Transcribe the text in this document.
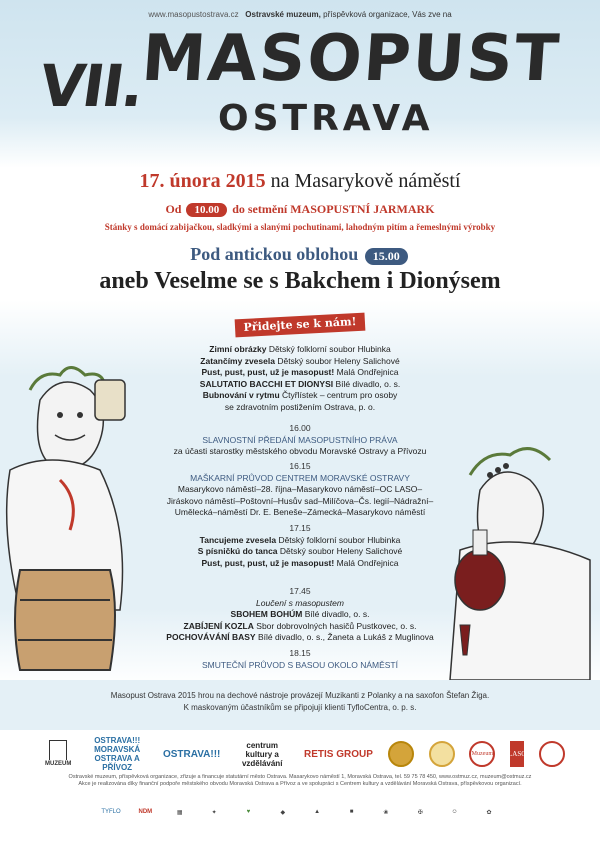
www.masopustostrava.cz Ostravské muzeum, příspěvková organizace, Vás zve na
VII.
MASOPUST
OSTRAVA
17. února 2015 na Masarykově náměstí
Od 10.00 do setmění MASOPUSTNÍ JARMARK
Stánky s domácí zabijačkou, sladkými a slanými pochutinami, lahodným pitím a řemeslnými výrobky
Pod antickou oblohou 15.00
aneb Veselme se s Bakchem i Dionýsem
Přidejte se k nám!
Zimní obrázky Dětský folklorní soubor Hlubinka
Zatančímy zvesela Dětský soubor Heleny Salichové
Pust, pust, pust, už je masopust! Malá Ondřejnica
SALUTATIO BACCHI ET DIONYSI Bílé divadlo, o. s.
Bubnování v rytmu Čtyřlístek – centrum pro osoby
se zdravotním postižením Ostrava, p. o.
16.00
SLAVNOSTNÍ PŘEDÁNÍ MASOPUSTNÍHO PRÁVA
za účasti starostky městského obvodu Moravské Ostravy a Přívozu
16.15
MAŠKARNÍ PRŮVOD CENTREM MORAVSKÉ OSTRAVY
Masarykovo náměstí–28. října–Masarykovo náměstí–OC LASO–
Jiráskovo náměstí–Poštovní–Husův sad–Milíčova–Čs. legií–Nádražní–
Umělecká–náměstí Dr. E. Beneše–Zámecká–Masarykovo náměstí
17.15
Tancujeme zvesela Dětský folklorní soubor Hlubinka
S písničkú do tanca Dětský soubor Heleny Salichové
Pust, pust, pust, už je masopust! Malá Ondřejnica
17.45
Loučení s masopustem
SBOHEM BOHÚM Bílé divadlo, o. s.
ZABÍJENÍ KOZLA Sbor dobrovolných hasičů Pustkovec, o. s.
POCHOVÁVÁNÍ BASY Bílé divadlo, o. s., Žaneta a Lukáš z Muglinova
18.15
SMUTEČNÍ PRŮVOD S BASOU OKOLO NÁMĚSTÍ
Masopust Ostrava 2015 hrou na dechové nástroje provázejí Muzikanti z Polanky a na saxofon Štefan Žiga.
K maskovaným účastníkům se připojují klienti TyfloCentra, o. p. s.
MUZEUM
OSTRAVA!!! MORAVSKÁ OSTRAVA A PŘÍVOZ
OSTRAVA!!!
centrum kultury a vzdělávání
RETIS GROUP	Muzeum	LASO
Ostravské muzeum, příspěvková organizace, zřizuje a financuje statutární město Ostrava. Masarykovo náměstí 1, Moravská Ostrava, tel. 59 75 78 450, www.ostmuz.cz, muzeum@ostmuz.cz
Akce je realizována díky finanční podpoře městského obvodu Moravská Ostrava a Přívoz a ve spolupráci s Centrem kultury a vzdělávání Moravská Ostrava, příspěvkovou organizací.
TYFLO	NDM	▦	✦	♥	◆	▲	■	❀	✠	☺	✿
